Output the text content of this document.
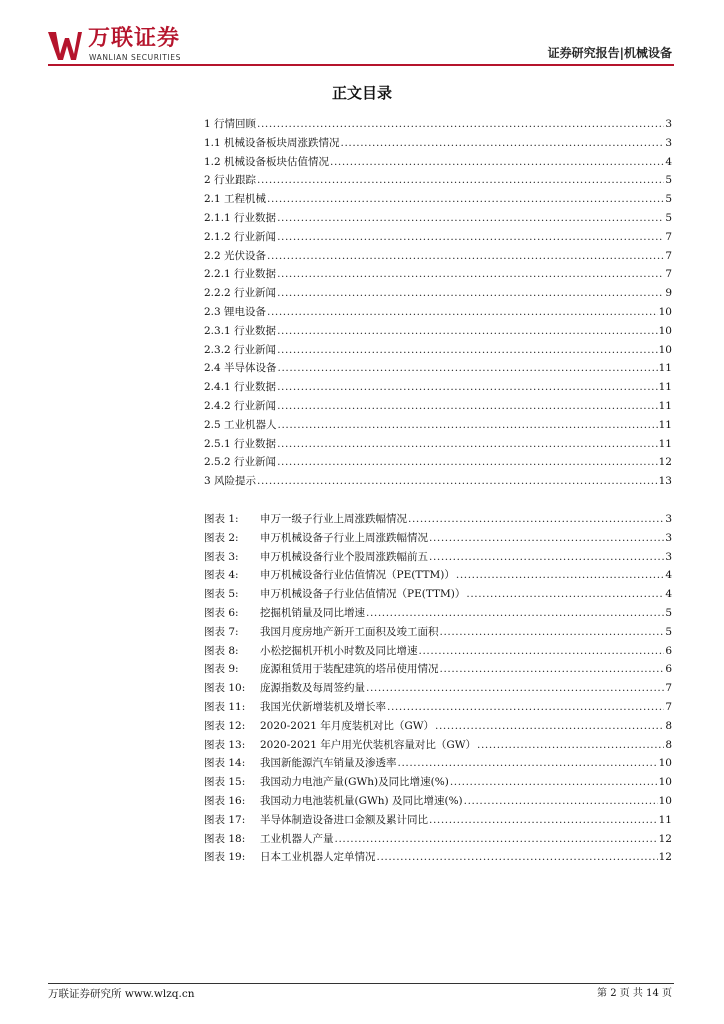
万联证券
WANLIAN SECURITIES	证券研究报告|机械设备
正文目录
1 行情回顾 .....	3
1.1 机械设备板块周涨跌情况 .....	3
1.2 机械设备板块估值情况 .....	4
2 行业跟踪 .....	5
2.1 工程机械 .....	5
2.1.1 行业数据 .....	5
2.1.2 行业新闻 .....	7
2.2 光伏设备 .....	7
2.2.1 行业数据 .....	7
2.2.2 行业新闻 .....	9
2.3 锂电设备 .....	10
2.3.1 行业数据 .....	10
2.3.2 行业新闻 .....	10
2.4 半导体设备 .....	11
2.4.1 行业数据 .....	11
2.4.2 行业新闻 .....	11
2.5 工业机器人 .....	11
2.5.1 行业数据 .....	11
2.5.2 行业新闻 .....	12
3 风险提示 .....	13
图表 1:	申万一级子行业上周涨跌幅情况 .....	3
图表 2:	申万机械设备子行业上周涨跌幅情况 .....	3
图表 3:	申万机械设备行业个股周涨跌幅前五 .....	3
图表 4:	申万机械设备行业估值情况（PE(TTM)） .....	4
图表 5:	申万机械设备子行业估值情况（PE(TTM)） .....	4
图表 6:	挖掘机销量及同比增速 .....	5
图表 7:	我国月度房地产新开工面积及竣工面积 .....	5
图表 8:	小松挖掘机开机小时数及同比增速 .....	6
图表 9:	庞源租赁用于装配建筑的塔吊使用情况 .....	6
图表 10:	庞源指数及每周签约量 .....	7
图表 11:	我国光伏新增装机及增长率 .....	7
图表 12:	2020-2021 年月度装机对比（GW） .....	8
图表 13:	2020-2021 年户用光伏装机容量对比（GW） .....	8
图表 14:	我国新能源汽车销量及渗透率 .....	10
图表 15:	我国动力电池产量(GWh)及同比增速(%) .....	10
图表 16:	我国动力电池装机量(GWh) 及同比增速(%) .....	10
图表 17:	半导体制造设备进口金额及累计同比 .....	11
图表 18:	工业机器人产量 .....	12
图表 19:	日本工业机器人定单情况 .....	12
万联证券研究所 www.wlzq.cn	第 2 页 共 14 页
